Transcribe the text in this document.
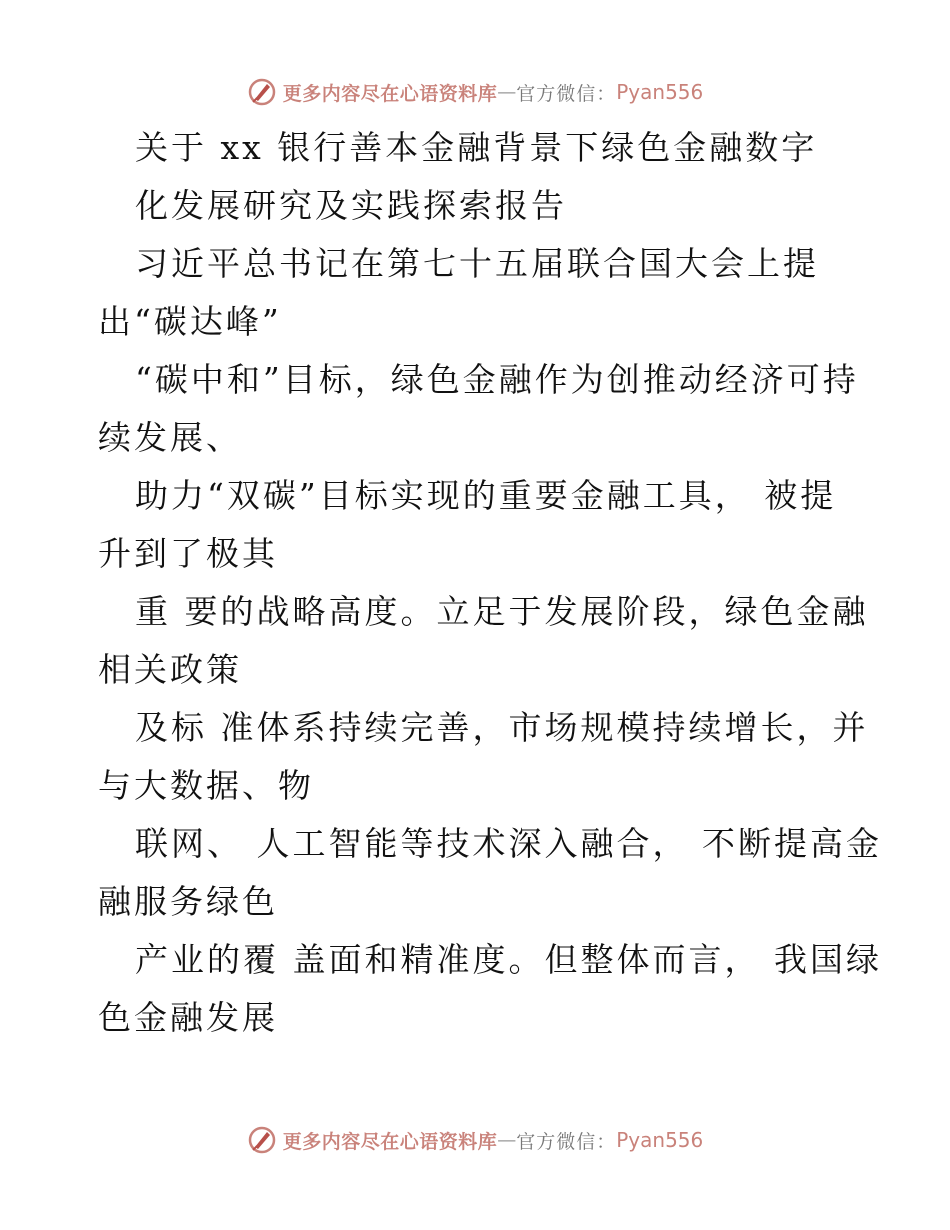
更多内容尽在心语资料库 — 官方微信： Pyan556
关于 xx 银行善本金融背景下绿色金融数字
化发展研究及实践探索报告
习近平总书记在第七十五届联合国大会上提
出“碳达峰”
“碳中和”目标，绿色金融作为创推动经济可持
续发展、
助力“双碳”目标实现的重要金融工具， 被提
升到了极其
重 要的战略高度。立足于发展阶段，绿色金融
相关政策
及标 准体系持续完善，市场规模持续增长，并
与大数据、物
联网、 人工智能等技术深入融合， 不断提高金
融服务绿色
产业的覆 盖面和精准度。但整体而言， 我国绿
色金融发展
更多内容尽在心语资料库 — 官方微信： Pyan556
